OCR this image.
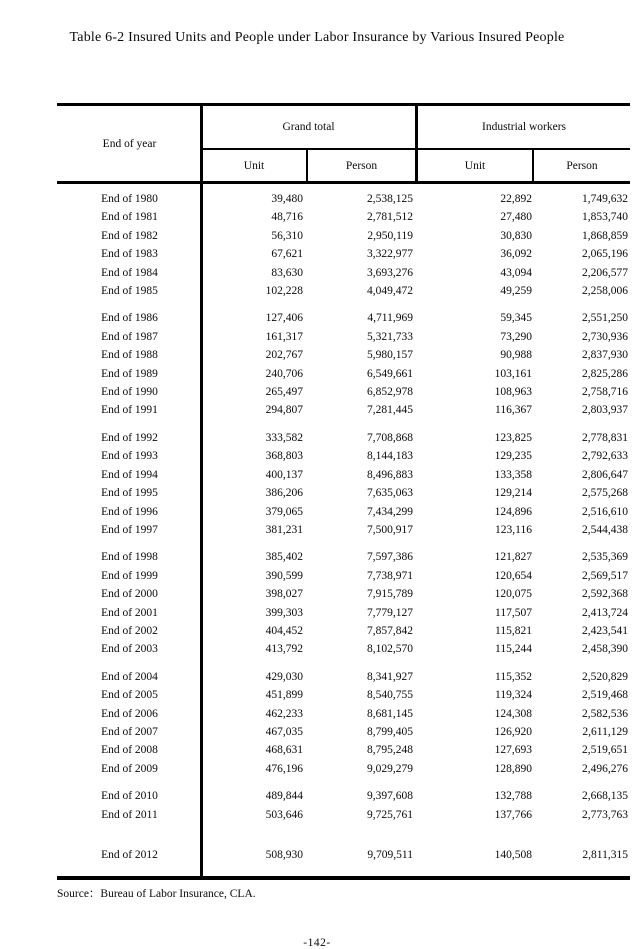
Table 6-2 Insured Units and People under Labor Insurance by Various Insured People
End of year
Grand total	Industrial workers
Unit	Person	Unit	Person
End of 1980	39,480	2,538,125	22,892	1,749,632
End of 1981	48,716	2,781,512	27,480	1,853,740
End of 1982	56,310	2,950,119	30,830	1,868,859
End of 1983	67,621	3,322,977	36,092	2,065,196
End of 1984	83,630	3,693,276	43,094	2,206,577
End of 1985	102,228	4,049,472	49,259	2,258,006
End of 1986	127,406	4,711,969	59,345	2,551,250
End of 1987	161,317	5,321,733	73,290	2,730,936
End of 1988	202,767	5,980,157	90,988	2,837,930
End of 1989	240,706	6,549,661	103,161	2,825,286
End of 1990	265,497	6,852,978	108,963	2,758,716
End of 1991	294,807	7,281,445	116,367	2,803,937
End of 1992	333,582	7,708,868	123,825	2,778,831
End of 1993	368,803	8,144,183	129,235	2,792,633
End of 1994	400,137	8,496,883	133,358	2,806,647
End of 1995	386,206	7,635,063	129,214	2,575,268
End of 1996	379,065	7,434,299	124,896	2,516,610
End of 1997	381,231	7,500,917	123,116	2,544,438
End of 1998	385,402	7,597,386	121,827	2,535,369
End of 1999	390,599	7,738,971	120,654	2,569,517
End of 2000	398,027	7,915,789	120,075	2,592,368
End of 2001	399,303	7,779,127	117,507	2,413,724
End of 2002	404,452	7,857,842	115,821	2,423,541
End of 2003	413,792	8,102,570	115,244	2,458,390
End of 2004	429,030	8,341,927	115,352	2,520,829
End of 2005	451,899	8,540,755	119,324	2,519,468
End of 2006	462,233	8,681,145	124,308	2,582,536
End of 2007	467,035	8,799,405	126,920	2,611,129
End of 2008	468,631	8,795,248	127,693	2,519,651
End of 2009	476,196	9,029,279	128,890	2,496,276
End of 2010	489,844	9,397,608	132,788	2,668,135
End of 2011	503,646	9,725,761	137,766	2,773,763
End of 2012	508,930	9,709,511	140,508	2,811,315
Source：Bureau of Labor Insurance, CLA.
-142-
